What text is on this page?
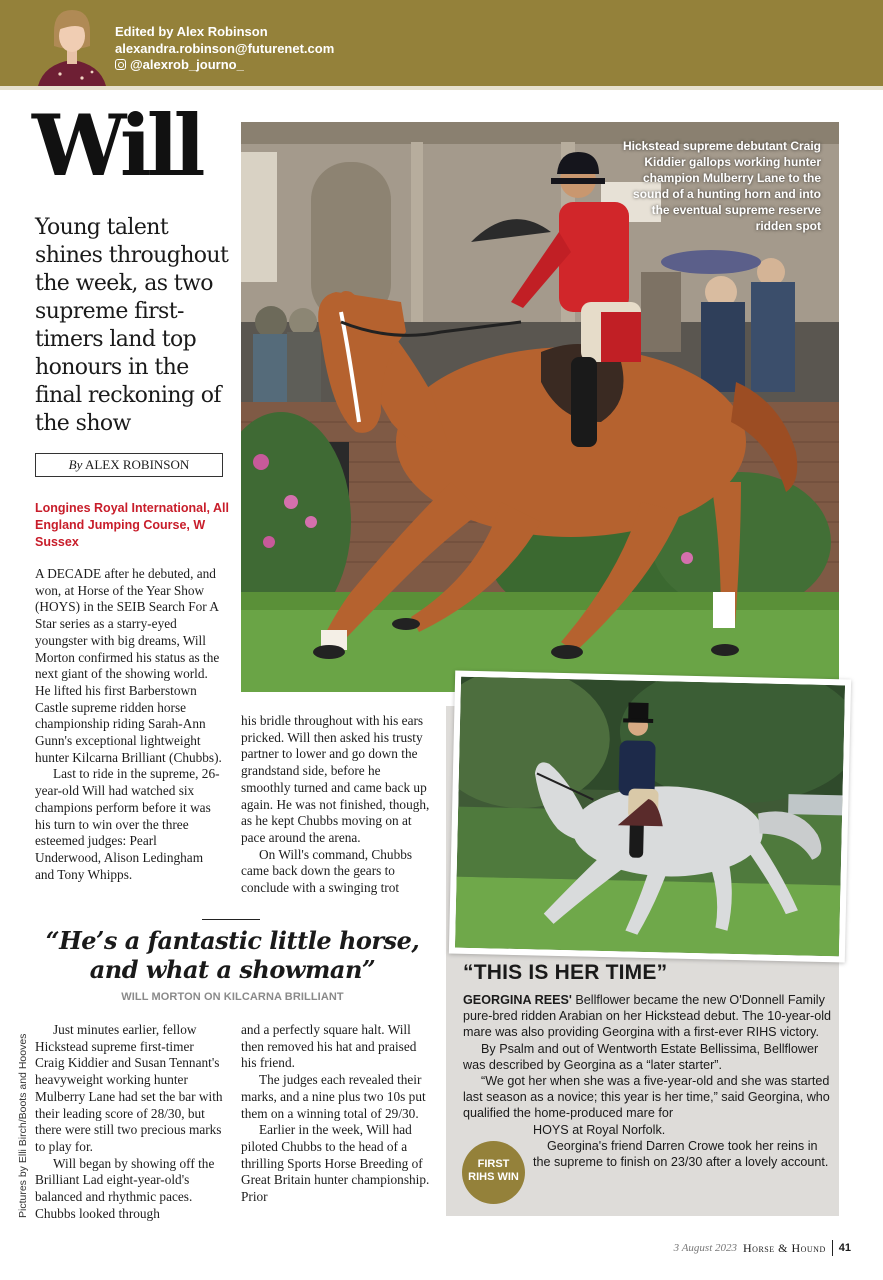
Edited by Alex Robinson
alexandra.robinson@futurenet.com
@alexrob_journo_
Will
Young talent shines throughout the week, as two supreme first-timers land top honours in the final reckoning of the show
By ALEX ROBINSON
Longines Royal International, All England Jumping Course, W Sussex

A DECADE after he debuted, and won, at Horse of the Year Show (HOYS) in the SEIB Search For A Star series as a starry-eyed youngster with big dreams, Will Morton confirmed his status as the next giant of the showing world. He lifted his first Barberstown Castle supreme ridden horse championship riding Sarah-Ann Gunn's exceptional lightweight hunter Kilcarna Brilliant (Chubbs).

Last to ride in the supreme, 26-year-old Will had watched six champions perform before it was his turn to win over the three esteemed judges: Pearl Underwood, Alison Ledingham and Tony Whipps.

Hickstead supreme debutant Craig Kiddier gallops working hunter champion Mulberry Lane to the sound of a hunting horn and into the eventual supreme reserve ridden spot

his bridle throughout with his ears pricked. Will then asked his trusty partner to lower and go down the grandstand side, before he smoothly turned and came back up again. He was not finished, though, as he kept Chubbs moving on at pace around the arena.

On Will's command, Chubbs came back down the gears to conclude with a swinging trot

“THIS IS HER TIME”

GEORGINA REES' Bellflower became the new O'Donnell Family pure-bred ridden Arabian on her Hickstead debut. The 10-year-old mare was also providing Georgina with a first-ever RIHS victory.

By Psalm and out of Wentworth Estate Bellissima, Bellflower was described by Georgina as a “later starter”.

“We got her when she was a five-year-old and she was started last season as a novice; this year is her time,” said Georgina, who qualified the home-produced mare for

HOYS at Royal Norfolk.

Georgina's friend Darren Crowe took her reins in the supreme to finish on 23/30 after a lovely account.

FIRST
RIHS WIN
“He’s a fantastic little horse, and what a showman”
WILL MORTON ON KILCARNA BRILLIANT

Just minutes earlier, fellow Hickstead supreme first-timer Craig Kiddier and Susan Tennant's heavyweight working hunter Mulberry Lane had set the bar with their leading score of 28/30, but there were still two precious marks to play for.

Will began by showing off the Brilliant Lad eight-year-old's balanced and rhythmic paces. Chubbs looked through

and a perfectly square halt. Will then removed his hat and praised his friend.

The judges each revealed their marks, and a nine plus two 10s put them on a winning total of 29/30.

Earlier in the week, Will had piloted Chubbs to the head of a thrilling Sports Horse Breeding of Great Britain hunter championship. Prior

Pictures by Elli Birch/Boots and Hooves
3 August 2023 Horse & Hound 41
